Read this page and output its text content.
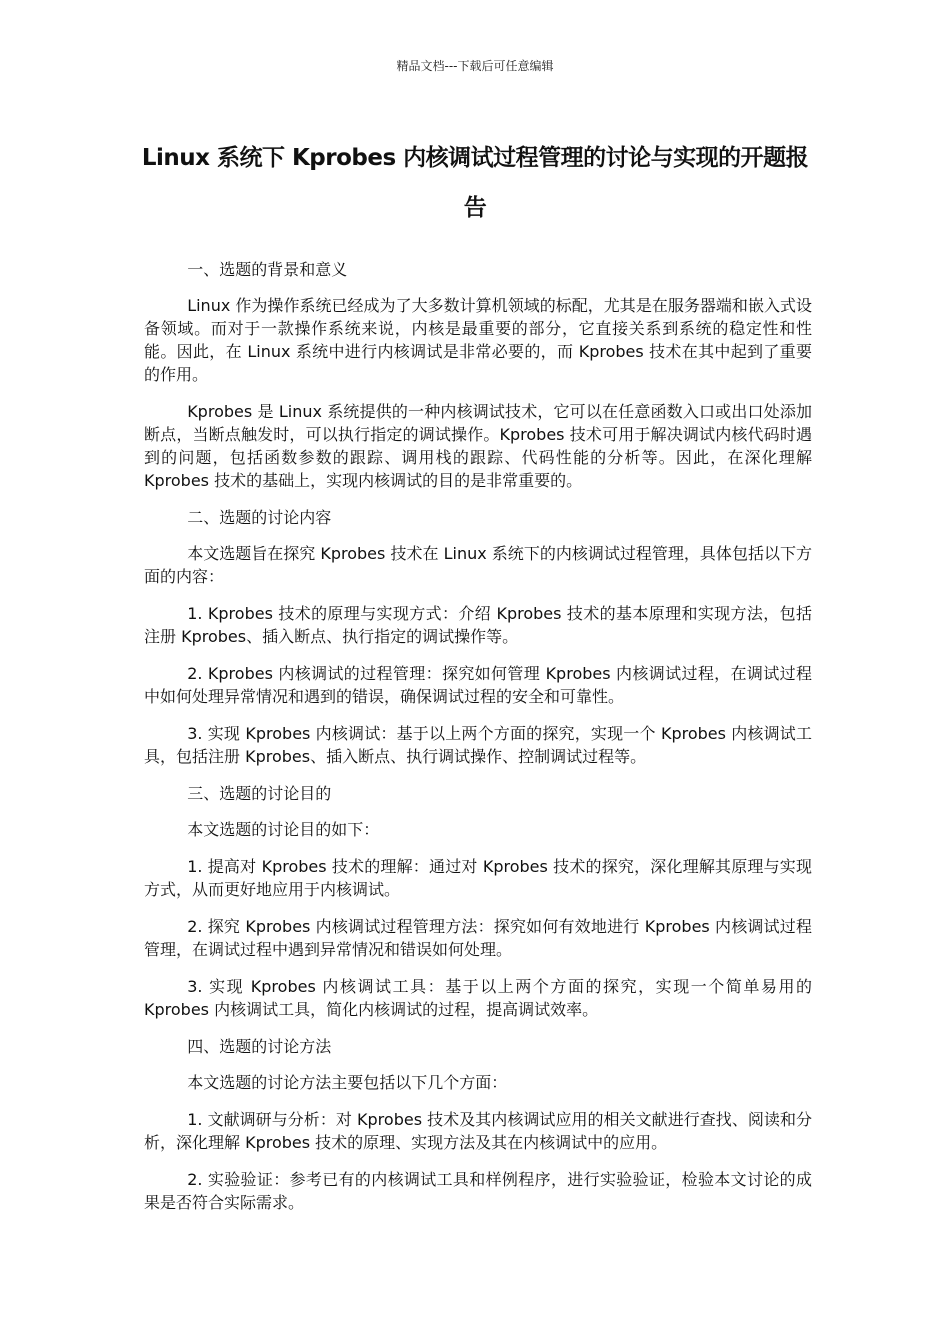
精品文档---下载后可任意编辑
Linux 系统下 Kprobes 内核调试过程管理的讨论与实现的开题报告

一、选题的背景和意义

Linux 作为操作系统已经成为了大多数计算机领域的标配，尤其是在服务器端和嵌入式设备领域。而对于一款操作系统来说，内核是最重要的部分，它直接关系到系统的稳定性和性能。因此，在 Linux 系统中进行内核调试是非常必要的，而 Kprobes 技术在其中起到了重要的作用。

Kprobes 是 Linux 系统提供的一种内核调试技术，它可以在任意函数入口或出口处添加断点，当断点触发时，可以执行指定的调试操作。Kprobes 技术可用于解决调试内核代码时遇到的问题，包括函数参数的跟踪、调用栈的跟踪、代码性能的分析等。因此，在深化理解 Kprobes 技术的基础上，实现内核调试的目的是非常重要的。

二、选题的讨论内容

本文选题旨在探究 Kprobes 技术在 Linux 系统下的内核调试过程管理，具体包括以下方面的内容：

1. Kprobes 技术的原理与实现方式：介绍 Kprobes 技术的基本原理和实现方法，包括注册 Kprobes、插入断点、执行指定的调试操作等。

2. Kprobes 内核调试的过程管理：探究如何管理 Kprobes 内核调试过程，在调试过程中如何处理异常情况和遇到的错误，确保调试过程的安全和可靠性。

3. 实现 Kprobes 内核调试：基于以上两个方面的探究，实现一个 Kprobes 内核调试工具，包括注册 Kprobes、插入断点、执行调试操作、控制调试过程等。

三、选题的讨论目的

本文选题的讨论目的如下：

1. 提高对 Kprobes 技术的理解：通过对 Kprobes 技术的探究，深化理解其原理与实现方式，从而更好地应用于内核调试。

2. 探究 Kprobes 内核调试过程管理方法：探究如何有效地进行 Kprobes 内核调试过程管理，在调试过程中遇到异常情况和错误如何处理。

3. 实现 Kprobes 内核调试工具：基于以上两个方面的探究，实现一个简单易用的 Kprobes 内核调试工具，简化内核调试的过程，提高调试效率。

四、选题的讨论方法

本文选题的讨论方法主要包括以下几个方面：

1. 文献调研与分析：对 Kprobes 技术及其内核调试应用的相关文献进行查找、阅读和分析，深化理解 Kprobes 技术的原理、实现方法及其在内核调试中的应用。

2. 实验验证：参考已有的内核调试工具和样例程序，进行实验验证，检验本文讨论的成果是否符合实际需求。
